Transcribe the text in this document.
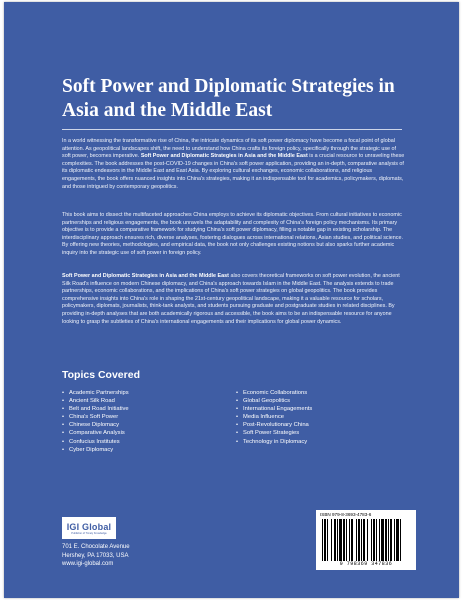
Soft Power and Diplomatic Strategies in Asia and the Middle East

In a world witnessing the transformative rise of China, the intricate dynamics of its soft power diplomacy have become a focal point of global attention. As geopolitical landscapes shift, the need to understand how China crafts its foreign policy, specifically through the strategic use of soft power, becomes imperative. Soft Power and Diplomatic Strategies in Asia and the Middle East is a crucial resource to unraveling these complexities. The book addresses the post-COVID-19 changes in China's soft power application, providing an in-depth, comparative analysis of its diplomatic endeavors in the Middle East and East Asia. By exploring cultural exchanges, economic collaborations, and religious engagements, the book offers nuanced insights into China's strategies, making it an indispensable tool for academics, policymakers, diplomats, and those intrigued by contemporary geopolitics.

This book aims to dissect the multifaceted approaches China employs to achieve its diplomatic objectives. From cultural initiatives to economic partnerships and religious engagements, the book unravels the adaptability and complexity of China's foreign policy mechanisms. Its primary objective is to provide a comparative framework for studying China's soft power diplomacy, filling a notable gap in existing scholarship. The interdisciplinary approach ensures rich, diverse analyses, fostering dialogues across international relations, Asian studies, and political science. By offering new theories, methodologies, and empirical data, the book not only challenges existing notions but also sparks further academic inquiry into the strategic use of soft power in foreign policy.

Soft Power and Diplomatic Strategies in Asia and the Middle East also covers theoretical frameworks on soft power evolution, the ancient Silk Road's influence on modern Chinese diplomacy, and China's approach towards Islam in the Middle East. The analysis extends to trade partnerships, economic collaborations, and the implications of China's soft power strategies on global geopolitics. The book provides comprehensive insights into China's role in shaping the 21st-century geopolitical landscape, making it a valuable resource for scholars, policymakers, diplomats, journalists, think-tank analysts, and students pursuing graduate and postgraduate studies in related disciplines. By providing in-depth analyses that are both academically rigorous and accessible, the book aims to be an indispensable resource for anyone looking to grasp the subtleties of China's international engagements and their implications for global power dynamics.

Topics Covered
• Academic Partnerships
• Ancient Silk Road
• Belt and Road Initiative
• China's Soft Power
• Chinese Diplomacy
• Comparative Analysis
• Confucius Institutes
• Cyber Diplomacy
• Economic Collaborations
• Global Geopolitics
• International Engagements
• Media Influence
• Post-Revolutionary China
• Soft Power Strategies
• Technology in Diplomacy
IGI Global
Publisher of Timely Knowledge
701 E. Chocolate Avenue
Hershey, PA 17033, USA
www.igi-global.com
ISBN 979-8-3693-4783-6
9 798369 347836
